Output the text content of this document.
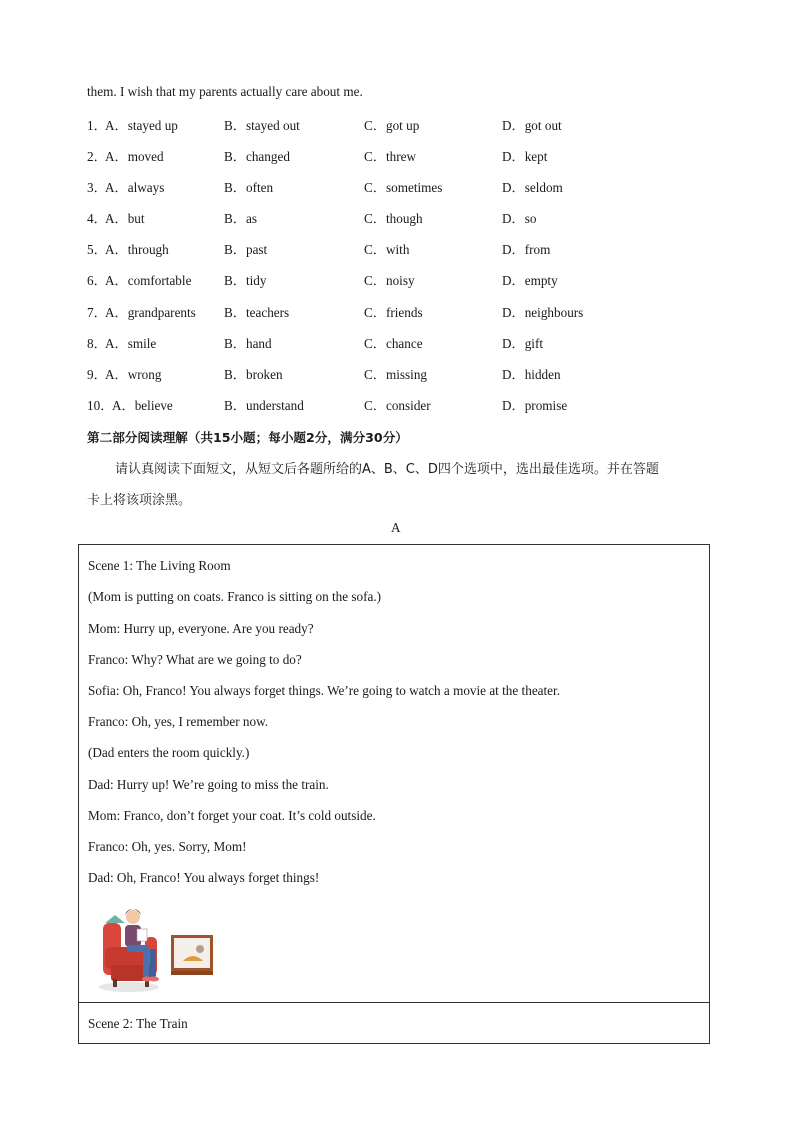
them. I wish that my parents actually care about me.
1．
A．stayed up	B．stayed out	C．got up	D．got out
2．
A．moved	B．changed	C．threw	D．kept
3．
A．always	B．often	C．sometimes	D．seldom
4．
A．but	B．as	C．though	D．so
5．
A．through	B．past	C．with	D．from
6．
A．comfortable B．tidy	C．noisy	D．empty
7．
A．grandparents B．teachers	C．friends	D．neighbours
8．
A．smile	B．hand	C．chance	D．gift
9．
A．wrong	B．broken	C．missing	D．hidden
10．
A．believe	B．understand	C．consider	D．promise
第二部分阅读理解（共15小题；每小题2分，满分30分）
请认真阅读下面短文，从短文后各题所给的A、B、C、D四个选项中，选出最佳选项。并在答题
卡上将该项涂黑。
A
Scene 1: The Living Room
(Mom is putting on coats. Franco is sitting on the sofa.)
Mom: Hurry up, everyone. Are you ready?
Franco: Why? What are we going to do?
Sofia: Oh, Franco! You always forget things. We’re going to watch a movie at the theater.
Franco: Oh, yes, I remember now.
(Dad enters the room quickly.)
Dad: Hurry up! We’re going to miss the train.
Mom: Franco, don’t forget your coat. It’s cold outside.
Franco: Oh, yes. Sorry, Mom!
Dad: Oh, Franco! You always forget things!
Scene 2: The Train
